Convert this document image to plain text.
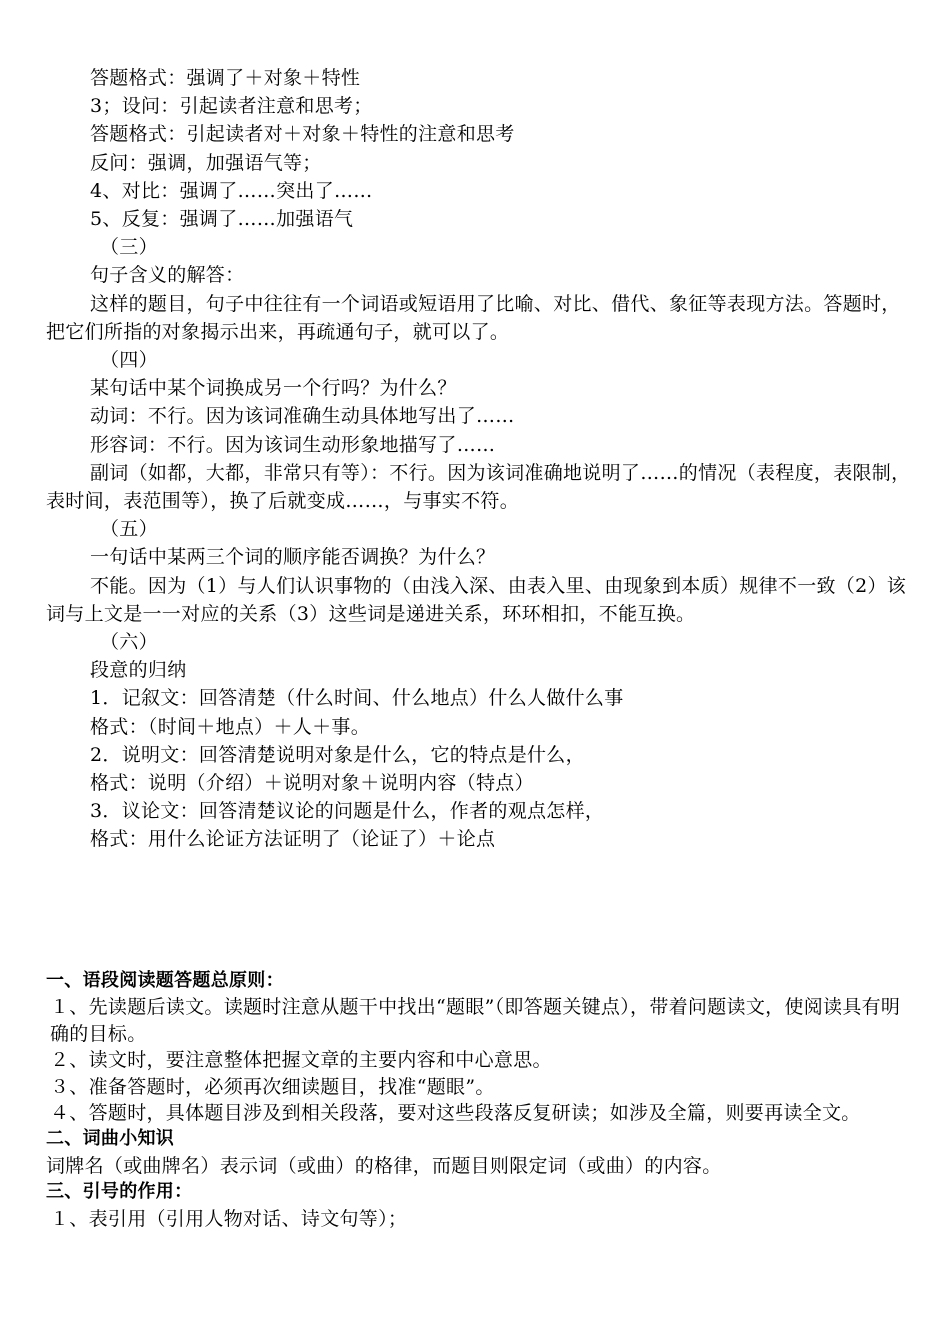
答题格式：强调了＋对象＋特性

3；设问：引起读者注意和思考；

答题格式：引起读者对＋对象＋特性的注意和思考

反问：强调，加强语气等；

4、对比：强调了……突出了……

5、反复：强调了……加强语气

（三）

句子含义的解答：

这样的题目，句子中往往有一个词语或短语用了比喻、对比、借代、象征等表现方法。答题时，把它们所指的对象揭示出来，再疏通句子，就可以了。

（四）

某句话中某个词换成另一个行吗？为什么？

动词：不行。因为该词准确生动具体地写出了……

形容词：不行。因为该词生动形象地描写了……

副词（如都，大都，非常只有等）：不行。因为该词准确地说明了……的情况（表程度，表限制，表时间，表范围等），换了后就变成……，与事实不符。

（五）

一句话中某两三个词的顺序能否调换？为什么？

不能。因为（1）与人们认识事物的（由浅入深、由表入里、由现象到本质）规律不一致（2）该词与上文是一一对应的关系（3）这些词是递进关系，环环相扣，不能互换。

（六）

段意的归纳

1．记叙文：回答清楚（什么时间、什么地点）什么人做什么事

格式：（时间＋地点）＋人＋事。

2．说明文：回答清楚说明对象是什么，它的特点是什么，

格式：说明（介绍）＋说明对象＋说明内容（特点）

3．议论文：回答清楚议论的问题是什么，作者的观点怎样，

格式：用什么论证方法证明了（论证了）＋论点

一、语段阅读题答题总原则：

１、先读题后读文。读题时注意从题干中找出“题眼”（即答题关键点），带着问题读文，使阅读具有明确的目标。

２、读文时，要注意整体把握文章的主要内容和中心意思。

３、准备答题时，必须再次细读题目，找准“题眼”。

４、答题时，具体题目涉及到相关段落，要对这些段落反复研读；如涉及全篇，则要再读全文。

二、词曲小知识

词牌名（或曲牌名）表示词（或曲）的格律，而题目则限定词（或曲）的内容。

三、引号的作用：

１、表引用（引用人物对话、诗文句等）；
